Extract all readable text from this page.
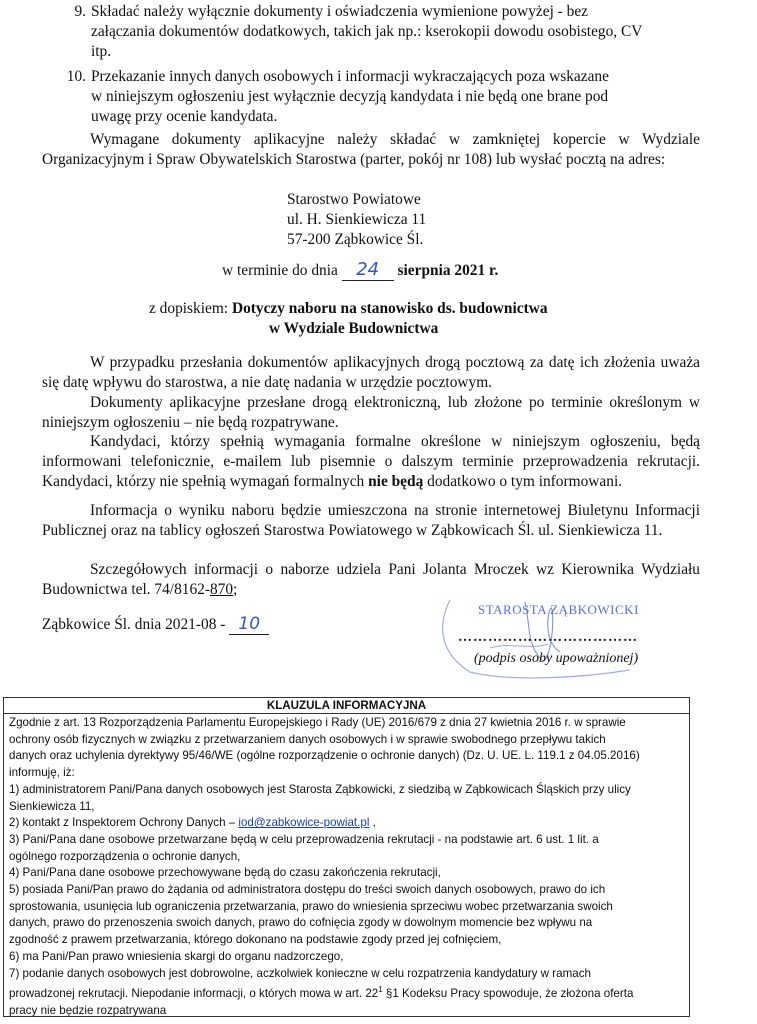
9. Składać należy wyłącznie dokumenty i oświadczenia wymienione powyżej - bez
załączania dokumentów dodatkowych, takich jak np.: kserokopii dowodu osobistego, CV
itp.
10. Przekazanie innych danych osobowych i informacji wykraczających poza wskazane
w niniejszym ogłoszeniu jest wyłącznie decyzją kandydata i nie będą one brane pod
uwagę przy ocenie kandydata.
Wymagane dokumenty aplikacyjne należy składać w zamkniętej kopercie w Wydziale Organizacyjnym i Spraw Obywatelskich Starostwa (parter, pokój nr 108) lub wysłać pocztą na adres:
Starostwo Powiatowe
ul. H. Sienkiewicza 11
57-200 Ząbkowice Śl.
w terminie do dnia 24 sierpnia 2021 r.
z dopiskiem: Dotyczy naboru na stanowisko ds. budownictwa
w Wydziale Budownictwa
W przypadku przesłania dokumentów aplikacyjnych drogą pocztową za datę ich złożenia uważa się datę wpływu do starostwa, a nie datę nadania w urzędzie pocztowym.
Dokumenty aplikacyjne przesłane drogą elektroniczną, lub złożone po terminie określonym w niniejszym ogłoszeniu – nie będą rozpatrywane.
Kandydaci, którzy spełnią wymagania formalne określone w niniejszym ogłoszeniu, będą informowani telefonicznie, e-mailem lub pisemnie o dalszym terminie przeprowadzenia rekrutacji. Kandydaci, którzy nie spełnią wymagań formalnych nie będą dodatkowo o tym informowani.
Informacja o wyniku naboru będzie umieszczona na stronie internetowej Biuletynu Informacji Publicznej oraz na tablicy ogłoszeń Starostwa Powiatowego w Ząbkowicach Śl. ul. Sienkiewicza 11.
Szczegółowych informacji o naborze udziela Pani Jolanta Mroczek wz Kierownika Wydziału Budownictwa tel. 74/8162-870;
Ząbkowice Śl. dnia 2021-08 - 10
STAROSTA ZĄBKOWICKI
………………………………
(podpis osoby upoważnionej)
KLAUZULA INFORMACYJNA

Zgodnie z art. 13 Rozporządzenia Parlamentu Europejskiego i Rady (UE) 2016/679 z dnia 27 kwietnia 2016 r. w sprawie

ochrony osób fizycznych w związku z przetwarzaniem danych osobowych i w sprawie swobodnego przepływu takich

danych oraz uchylenia dyrektywy 95/46/WE (ogólne rozporządzenie o ochronie danych) (Dz. U. UE. L. 119.1 z 04.05.2016)

informuję, iż:

1) administratorem Pani/Pana danych osobowych jest Starosta Ząbkowicki, z siedzibą w Ząbkowicach Śląskich przy ulicy

Sienkiewicza 11,

2) kontakt z Inspektorem Ochrony Danych – iod@zabkowice-powiat.pl ,

3) Pani/Pana dane osobowe przetwarzane będą w celu przeprowadzenia rekrutacji - na podstawie art. 6 ust. 1 lit. a

ogólnego rozporządzenia o ochronie danych,

4) Pani/Pana dane osobowe przechowywane będą do czasu zakończenia rekrutacji,

5) posiada Pani/Pan prawo do żądania od administratora dostępu do treści swoich danych osobowych, prawo do ich

sprostowania, usunięcia lub ograniczenia przetwarzania, prawo do wniesienia sprzeciwu wobec przetwarzania swoich

danych, prawo do przenoszenia swoich danych, prawo do cofnięcia zgody w dowolnym momencie bez wpływu na

zgodność z prawem przetwarzania, którego dokonano na podstawie zgody przed jej cofnięciem,

6) ma Pani/Pan prawo wniesienia skargi do organu nadzorczego,

7) podanie danych osobowych jest dobrowolne, aczkolwiek konieczne w celu rozpatrzenia kandydatury w ramach

prowadzonej rekrutacji. Niepodanie informacji, o których mowa w art. $22^1$ §1 Kodeksu Pracy spowoduje, że złożona oferta

pracy nie będzie rozpatrywana
